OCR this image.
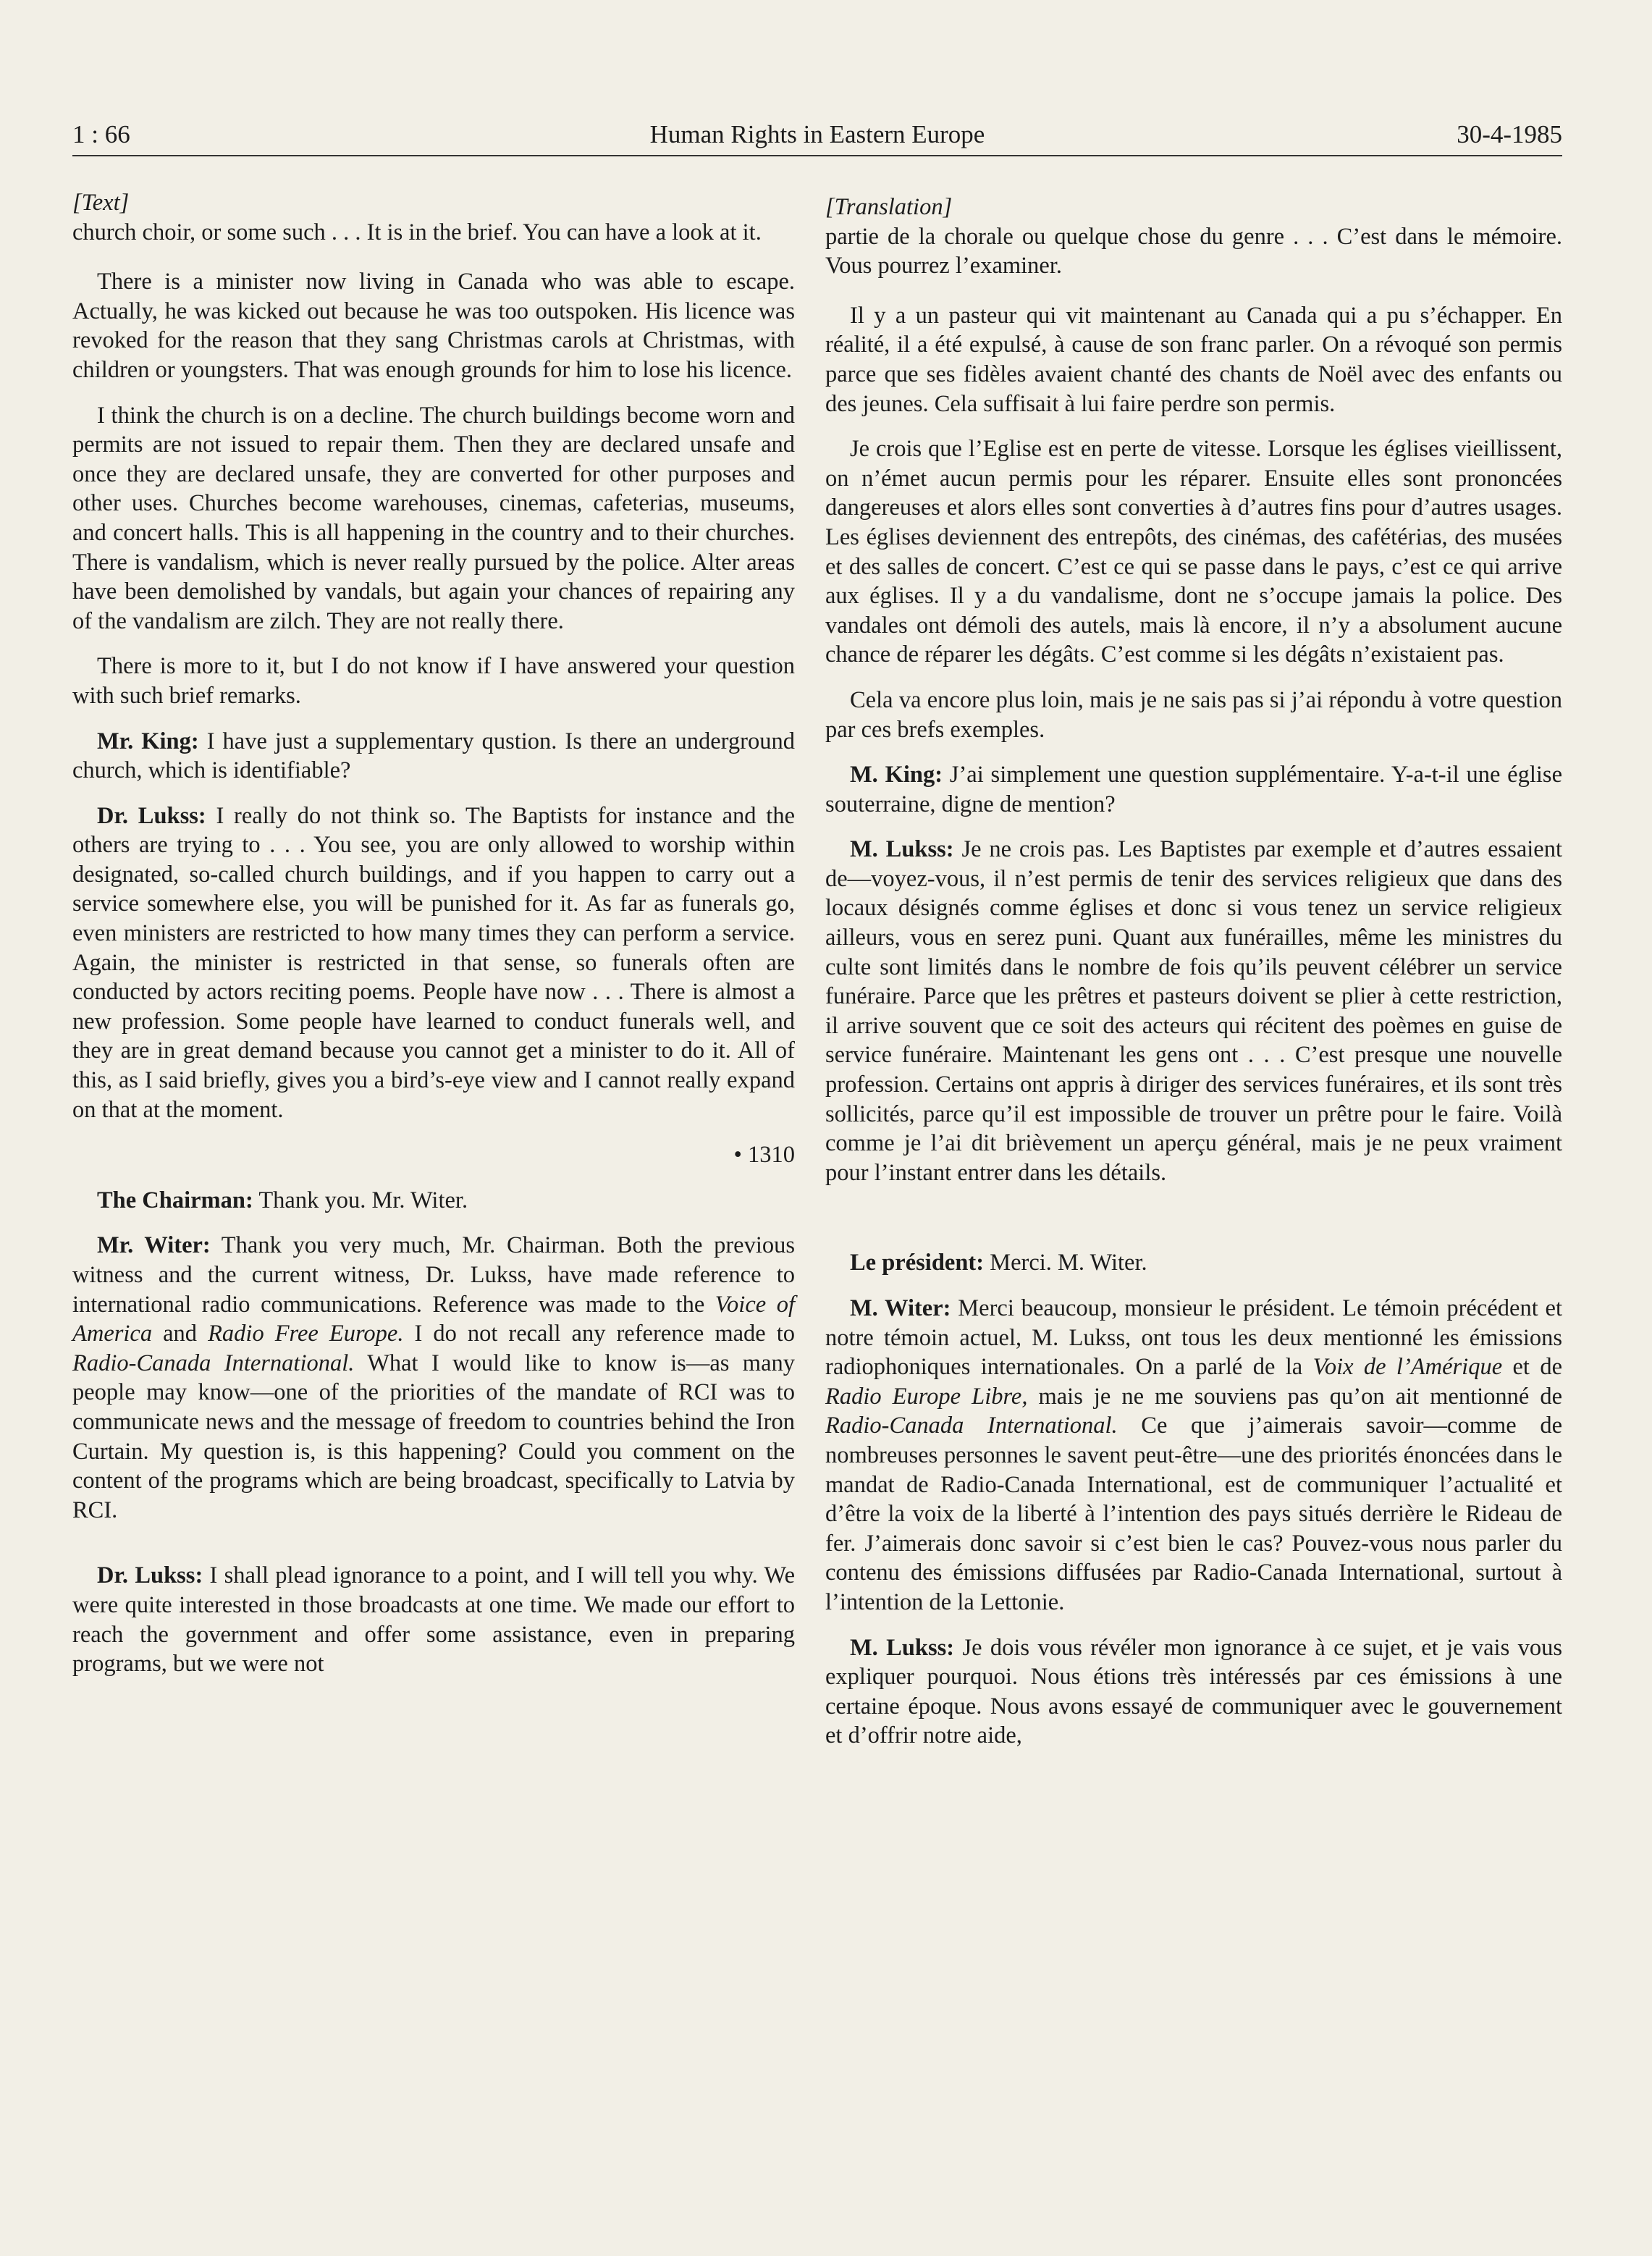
Human Rights in Eastern Europe
1 : 66	30-4-1985

[Text]

church choir, or some such . . . It is in the brief. You can have a look at it.

There is a minister now living in Canada who was able to escape. Actually, he was kicked out because he was too outspoken. His licence was revoked for the reason that they sang Christmas carols at Christmas, with children or youngsters. That was enough grounds for him to lose his licence.

I think the church is on a decline. The church buildings become worn and permits are not issued to repair them. Then they are declared unsafe and once they are declared unsafe, they are converted for other purposes and other uses. Churches become warehouses, cinemas, cafeterias, museums, and concert halls. This is all happening in the country and to their churches. There is vandalism, which is never really pursued by the police. Alter areas have been demolished by vandals, but again your chances of repairing any of the vandalism are zilch. They are not really there.

There is more to it, but I do not know if I have answered your question with such brief remarks.

Mr. King: I have just a supplementary qustion. Is there an underground church, which is identifiable?

Dr. Lukss: I really do not think so. The Baptists for instance and the others are trying to . . . You see, you are only allowed to worship within designated, so-called church buildings, and if you happen to carry out a service somewhere else, you will be punished for it. As far as funerals go, even ministers are restricted to how many times they can perform a service. Again, the minister is restricted in that sense, so funerals often are conducted by actors reciting poems. People have now . . . There is almost a new profession. Some people have learned to conduct funerals well, and they are in great demand because you cannot get a minister to do it. All of this, as I said briefly, gives you a bird’s-eye view and I cannot really expand on that at the moment.

• 1310

The Chairman: Thank you. Mr. Witer.

Mr. Witer: Thank you very much, Mr. Chairman. Both the previous witness and the current witness, Dr. Lukss, have made reference to international radio communications. Reference was made to the Voice of America and Radio Free Europe. I do not recall any reference made to Radio-Canada International. What I would like to know is—as many people may know—one of the priorities of the mandate of RCI was to communicate news and the message of freedom to countries behind the Iron Curtain. My question is, is this happening? Could you comment on the content of the programs which are being broadcast, specifically to Latvia by RCI.

Dr. Lukss: I shall plead ignorance to a point, and I will tell you why. We were quite interested in those broadcasts at one time. We made our effort to reach the government and offer some assistance, even in preparing programs, but we were not

[Translation]

partie de la chorale ou quelque chose du genre . . . C’est dans le mémoire. Vous pourrez l’examiner.

Il y a un pasteur qui vit maintenant au Canada qui a pu s’échapper. En réalité, il a été expulsé, à cause de son franc parler. On a révoqué son permis parce que ses fidèles avaient chanté des chants de Noël avec des enfants ou des jeunes. Cela suffisait à lui faire perdre son permis.

Je crois que l’Eglise est en perte de vitesse. Lorsque les églises vieillissent, on n’émet aucun permis pour les réparer. Ensuite elles sont prononcées dangereuses et alors elles sont converties à d’autres fins pour d’autres usages. Les églises deviennent des entrepôts, des cinémas, des cafétérias, des musées et des salles de concert. C’est ce qui se passe dans le pays, c’est ce qui arrive aux églises. Il y a du vandalisme, dont ne s’occupe jamais la police. Des vandales ont démoli des autels, mais là encore, il n’y a absolument aucune chance de réparer les dégâts. C’est comme si les dégâts n’existaient pas.

Cela va encore plus loin, mais je ne sais pas si j’ai répondu à votre question par ces brefs exemples.

M. King: J’ai simplement une question supplémentaire. Y-a-t-il une église souterraine, digne de mention?

M. Lukss: Je ne crois pas. Les Baptistes par exemple et d’autres essaient de—voyez-vous, il n’est permis de tenir des services religieux que dans des locaux désignés comme églises et donc si vous tenez un service religieux ailleurs, vous en serez puni. Quant aux funérailles, même les ministres du culte sont limités dans le nombre de fois qu’ils peuvent célébrer un service funéraire. Parce que les prêtres et pasteurs doivent se plier à cette restriction, il arrive souvent que ce soit des acteurs qui récitent des poèmes en guise de service funéraire. Maintenant les gens ont . . . C’est presque une nouvelle profession. Certains ont appris à diriger des services funéraires, et ils sont très sollicités, parce qu’il est impossible de trouver un prêtre pour le faire. Voilà comme je l’ai dit brièvement un aperçu général, mais je ne peux vraiment pour l’instant entrer dans les détails.

Le président: Merci. M. Witer.

M. Witer: Merci beaucoup, monsieur le président. Le témoin précédent et notre témoin actuel, M. Lukss, ont tous les deux mentionné les émissions radiophoniques internationales. On a parlé de la Voix de l’Amérique et de Radio Europe Libre, mais je ne me souviens pas qu’on ait mentionné de Radio-Canada International. Ce que j’aimerais savoir—comme de nombreuses personnes le savent peut-être—une des priorités énoncées dans le mandat de Radio-Canada International, est de communiquer l’actualité et d’être la voix de la liberté à l’intention des pays situés derrière le Rideau de fer. J’aimerais donc savoir si c’est bien le cas? Pouvez-vous nous parler du contenu des émissions diffusées par Radio-Canada International, surtout à l’intention de la Lettonie.

M. Lukss: Je dois vous révéler mon ignorance à ce sujet, et je vais vous expliquer pourquoi. Nous étions très intéressés par ces émissions à une certaine époque. Nous avons essayé de communiquer avec le gouvernement et d’offrir notre aide,
